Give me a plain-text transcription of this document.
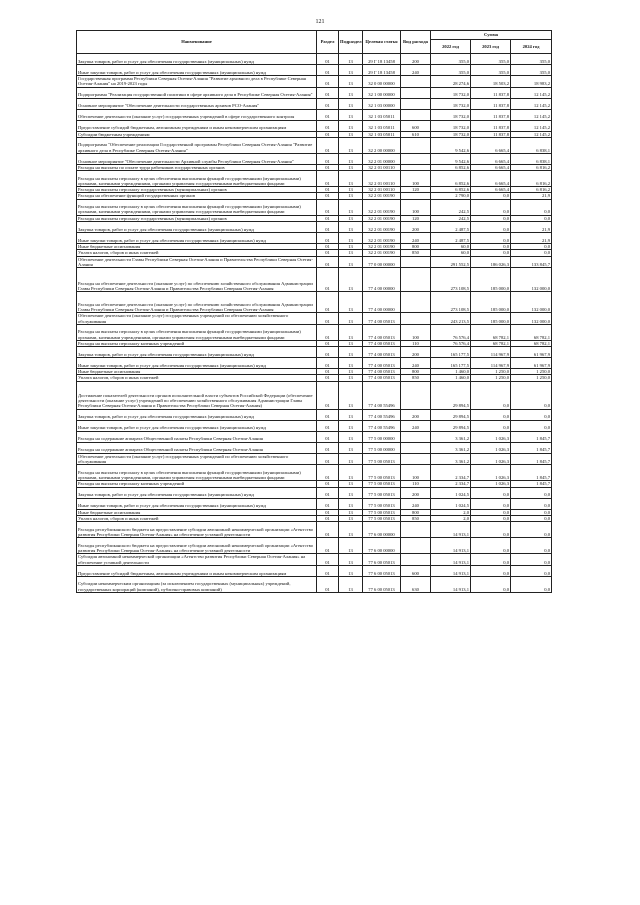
121
Наименование	Раздел	Подраздел	Целевая статья	Вид расхода	Сумма		
					2022 год	2023 год	2024 год
Закупка товаров, работ и услуг для обеспечения государственных (муниципальных) нужд	01	13	29 Г 18 13458	200	355,0	355,0	355,0
Иные закупки товаров, работ и услуг для обеспечения государственных (муниципальных) нужд	01	13	29 Г 18 13458	240	355,0	355,0	355,0
Государственная программа Республики Северная Осетия-Алания "Развитие архивного дела в Республике Северная Осетия-Алания" на 2019-2023 годы	01	13	32 0 00 00000		28 274,6	18 503,2	18 983,2
Подпрограмма "Реализация государственной политики в сфере архивного дела в Республике Северная Осетия-Алания"	01	13	32 1 00 00000		18 732,0	11 837,8	12 145,2
Основное мероприятие "Обеспечение деятельности государственных архивов РСО-Алания"	01	13	32 1 03 00000		18 732,0	11 837,8	12 145,2
Обеспечение деятельности (оказание услуг) государственных учреждений в сфере государственного контроля	01	13	32 1 03 05011		18 732,0	11 837,8	12 145,2
Предоставление субсидий бюджетным, автономным учреждениям и иным некоммерческим организациям	01	13	32 1 03 05011	600	18 732,0	11 837,8	12 145,2
Субсидии бюджетным учреждениям	01	13	32 1 03 05011	610	18 732,0	11 837,8	12 145,2
Подпрограмма "Обеспечение реализации Государственной программы Республики Северная Осетия-Алания "Развитие архивного дела в Республике Северная Осетия-Алания"	01	13	32 2 00 00000		9 542,6	6 665,4	6 838,1
Основное мероприятие "Обеспечение деятельности Архивной службы Республики Северная Осетия-Алания"	01	13	32 2 01 00000		9 542,6	6 665,4	6 838,1
Расходы на выплаты по оплате труда работников государственных органов	01	13	32 2 01 00110		6 852,6	6 665,4	6 816,2
Расходы на выплаты персоналу в целях обеспечения выполнения функций государственными (муниципальными) органами, казенными учреждениями, органами управления государственными внебюджетными фондами	01	13	32 2 01 00110	100	6 852,6	6 665,4	6 816,2
Расходы на выплаты персоналу государственных (муниципальных) органов	01	13	32 2 01 00110	120	6 852,6	6 665,4	6 816,2
Расходы на обеспечение функций государственных органов	01	13	32 2 01 00190		2 790,0	0,0	21,9
Расходы на выплаты персоналу в целях обеспечения выполнения функций государственными (муниципальными) органами, казенными учреждениями, органами управления государственными внебюджетными фондами	01	13	32 2 01 00190	100	242,5	0,0	0,0
Расходы на выплаты персоналу государственных (муниципальных) органов	01	13	32 2 01 00190	120	242,5	0,0	0,0
Закупка товаров, работ и услуг для обеспечения государственных (муниципальных) нужд	01	13	32 2 01 00190	200	2 487,5	0,0	21,9
Иные закупки товаров, работ и услуг для обеспечения государственных (муниципальных) нужд	01	13	32 2 01 00190	240	2 487,5	0,0	21,9
Иные бюджетные ассигнования	01	13	32 2 01 00190	800	60,0	0,0	0,0
Уплата налогов, сборов и иных платежей	01	13	32 2 01 00190	850	60,0	0,0	0,0
Обеспечение деятельности Главы Республики Северная Осетия-Алания и Правительства Республики Северная Осетия-Алания	01	13	77 0 00 00000		291 552,5	186 026,3	133 845,7
Расходы на обеспечение деятельности (оказание услуг) по обеспечению хозяйственного обслуживания Администрации Главы Республики Северная Осетия-Алания и Правительства Республики Северная Осетия-Алания	01	13	77 4 00 00000		273 108,5	185 000,0	132 000,0
Расходы на обеспечение деятельности (оказание услуг) по обеспечению хозяйственного обслуживания Администрации Главы Республики Северная Осетия-Алания и Правительства Республики Северная Осетия-Алания	01	13	77 4 00 00000		273 108,5	185 000,0	132 000,0
Обеспечение деятельности (оказание услуг) государственных учреждений по обеспечению хозяйственного обслуживания	01	13	77 4 00 05013		243 213,5	185 000,0	132 000,0
Расходы на выплаты персоналу в целях обеспечения выполнения функций государственными (муниципальными) органами, казенными учреждениями, органами управления государственными внебюджетными фондами	01	13	77 4 00 05013	100	76 576,4	68 782,1	68 782,1
Расходы на выплаты персоналу казенных учреждений	01	13	77 4 00 05013	110	76 576,4	68 782,1	68 782,1
Закупка товаров, работ и услуг для обеспечения государственных (муниципальных) нужд	01	13	77 4 00 05013	200	165 177,5	114 967,9	61 967,9
Иные закупки товаров, работ и услуг для обеспечения государственных (муниципальных) нужд	01	13	77 4 00 05013	240	165 177,5	114 967,9	61 967,9
Иные бюджетные ассигнования	01	13	77 4 00 05013	800	1 460,0	1 250,0	1 250,0
Уплата налогов, сборов и иных платежей	01	13	77 4 00 05013	850	1 460,0	1 250,0	1 250,0
Достижение показателей деятельности органов исполнительной власти субъектов Российской Федерации (обеспечение деятельности (оказание услуг) учреждений по обеспечению хозяйственного обслуживания Администрации Главы Республики Северная Осетия-Алания и Правительства Республики Северная Осетия-Алания)	01	13	77 4 00 55496		29 894,5	0,0	0,0
Закупка товаров, работ и услуг для обеспечения государственных (муниципальных) нужд	01	13	77 4 00 55496	200	29 894,5	0,0	0,0
Иные закупки товаров, работ и услуг для обеспечения государственных (муниципальных) нужд	01	13	77 4 00 55496	240	29 894,5	0,0	0,0
Расходы на содержание аппарата Общественной палаты Республики Северная Осетия-Алания	01	13	77 5 00 00000		3 361,2	1 026,3	1 845,7
Расходы на содержание аппарата Общественной палаты Республики Северная Осетия-Алания	01	13	77 5 00 00000		3 361,2	1 026,3	1 845,7
Обеспечение деятельности (оказание услуг) государственных учреждений по обеспечению хозяйственного обслуживания	01	13	77 5 00 05013		3 361,2	1 026,3	1 845,7
Расходы на выплаты персоналу в целях обеспечения выполнения функций государственными (муниципальными) органами, казенными учреждениями, органами управления государственными внебюджетными фондами	01	13	77 5 00 05013	100	2 334,7	1 026,3	1 845,7
Расходы на выплаты персоналу казенных учреждений	01	13	77 5 00 05013	110	2 334,7	1 026,3	1 845,7
Закупка товаров, работ и услуг для обеспечения государственных (муниципальных) нужд	01	13	77 5 00 05013	200	1 024,5	0,0	0,0
Иные закупки товаров, работ и услуг для обеспечения государственных (муниципальных) нужд	01	13	77 5 00 05013	240	1 024,5	0,0	0,0
Иные бюджетные ассигнования	01	13	77 5 00 05013	800	2,0	0,0	0,0
Уплата налогов, сборов и иных платежей	01	13	77 5 00 05013	850	2,0	0,0	0,0
Расходы республиканского бюджета на предоставление субсидии автономной некоммерческой организации «Агентство развития Республики Северная Осетия-Алания» на обеспечение уставной деятельности	01	13	77 6 00 00000		14 913,1	0,0	0,0
Расходы республиканского бюджета на предоставление субсидии автономной некоммерческой организации «Агентство развития Республики Северная Осетия-Алания» на обеспечение уставной деятельности	01	13	77 6 00 00000		14 913,1	0,0	0,0
Субсидия автономной некоммерческой организации «Агентство развития Республики Северная Осетия-Алания» на обеспечение уставной деятельности	01	13	77 6 00 05013		14 913,1	0,0	0,0
Предоставление субсидий бюджетным, автономным учреждениям и иным некоммерческим организациям	01	13	77 6 00 05013	600	14 913,1	0,0	0,0
Субсидии некоммерческим организациям (за исключением государственных (муниципальных) учреждений, государственных корпораций (компаний), публично-правовых компаний)	01	13	77 6 00 05013	630	14 913,1	0,0	0,0
